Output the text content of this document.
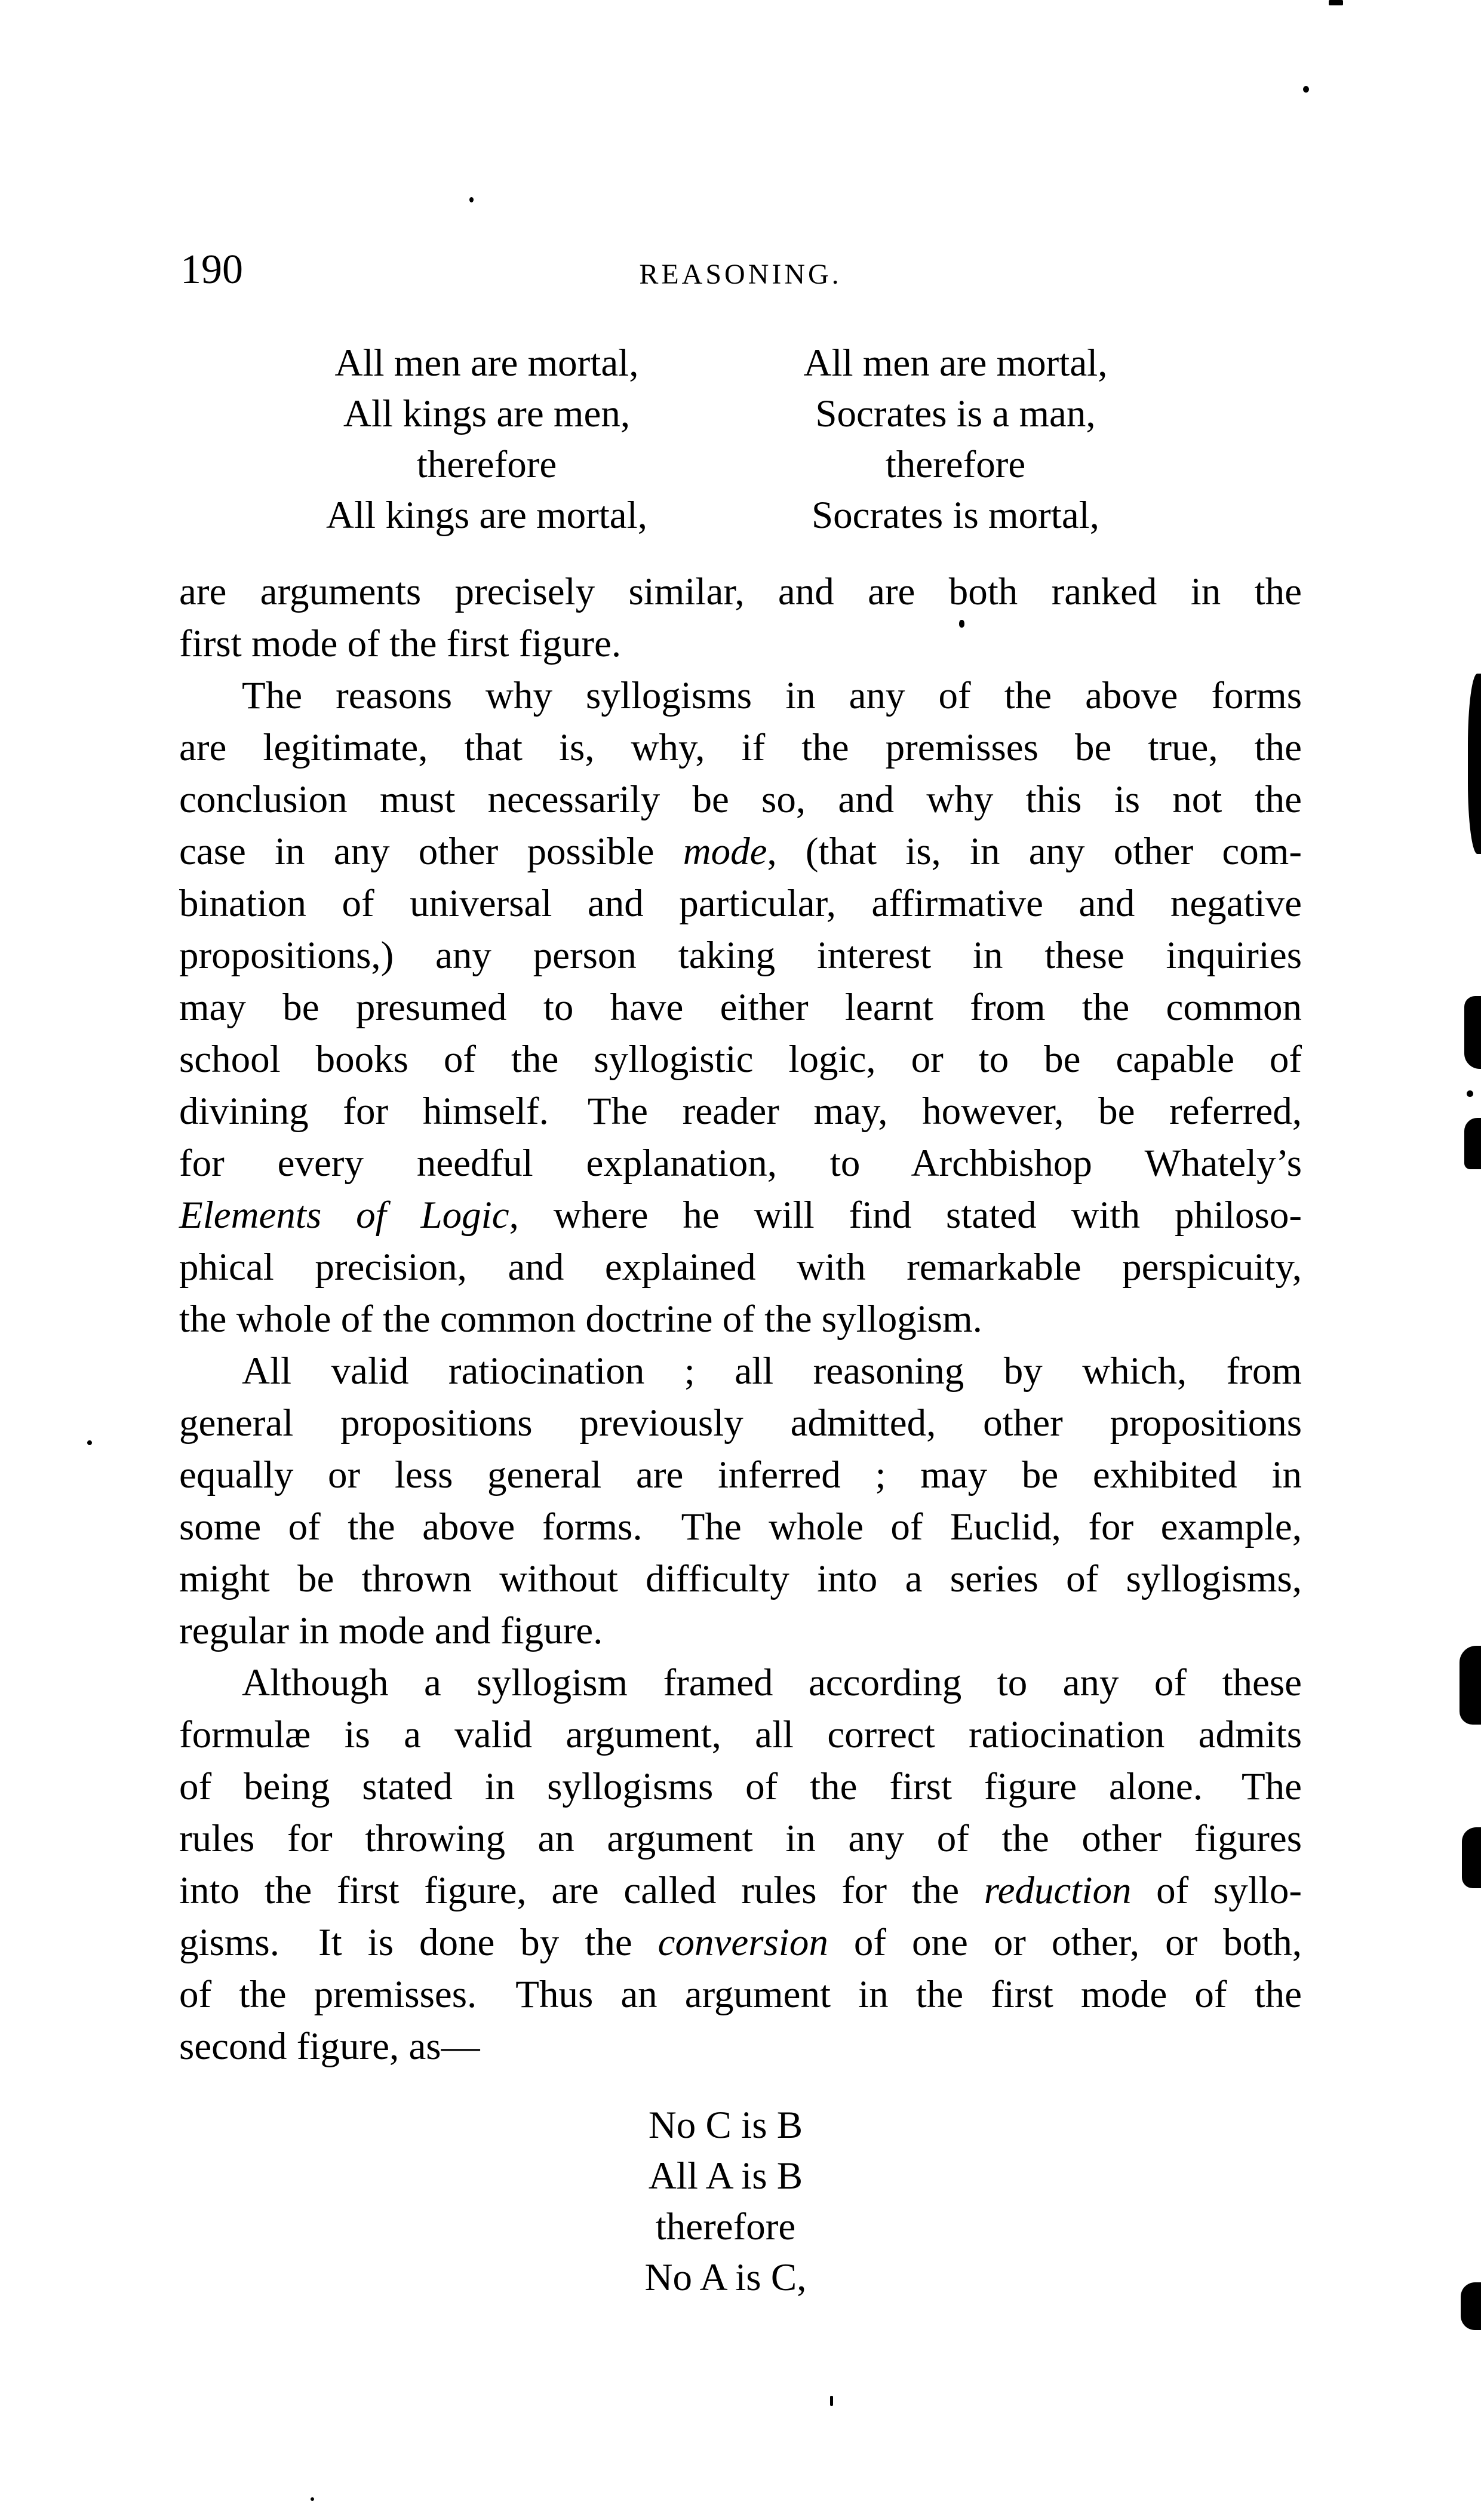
190	REASONING.
All men are mortal,
All kings are men,
therefore
All kings are mortal,
All men are mortal,
Socrates is a man,
therefore
Socrates is mortal,
are arguments precisely similar, and are both ranked in the
first mode of the first figure.
The reasons why syllogisms in any of the above forms
are legitimate, that is, why, if the premisses be true, the
conclusion must necessarily be so, and why this is not the
case in any other possible mode, (that is, in any other com-
bination of universal and particular, affirmative and negative
propositions,) any person taking interest in these inquiries
may be presumed to have either learnt from the common
school books of the syllogistic logic, or to be capable of
divining for himself. The reader may, however, be referred,
for every needful explanation, to Archbishop Whately’s
Elements of Logic, where he will find stated with philoso-
phical precision, and explained with remarkable perspicuity,
the whole of the common doctrine of the syllogism.
All valid ratiocination ; all reasoning by which, from
general propositions previously admitted, other propositions
equally or less general are inferred ; may be exhibited in
some of the above forms. The whole of Euclid, for example,
might be thrown without difficulty into a series of syllogisms,
regular in mode and figure.
Although a syllogism framed according to any of these
formulæ is a valid argument, all correct ratiocination admits
of being stated in syllogisms of the first figure alone. The
rules for throwing an argument in any of the other figures
into the first figure, are called rules for the reduction of syllo-
gisms. It is done by the conversion of one or other, or both,
of the premisses. Thus an argument in the first mode of the
second figure, as—
No C is B
All A is B
therefore
No A is C,
